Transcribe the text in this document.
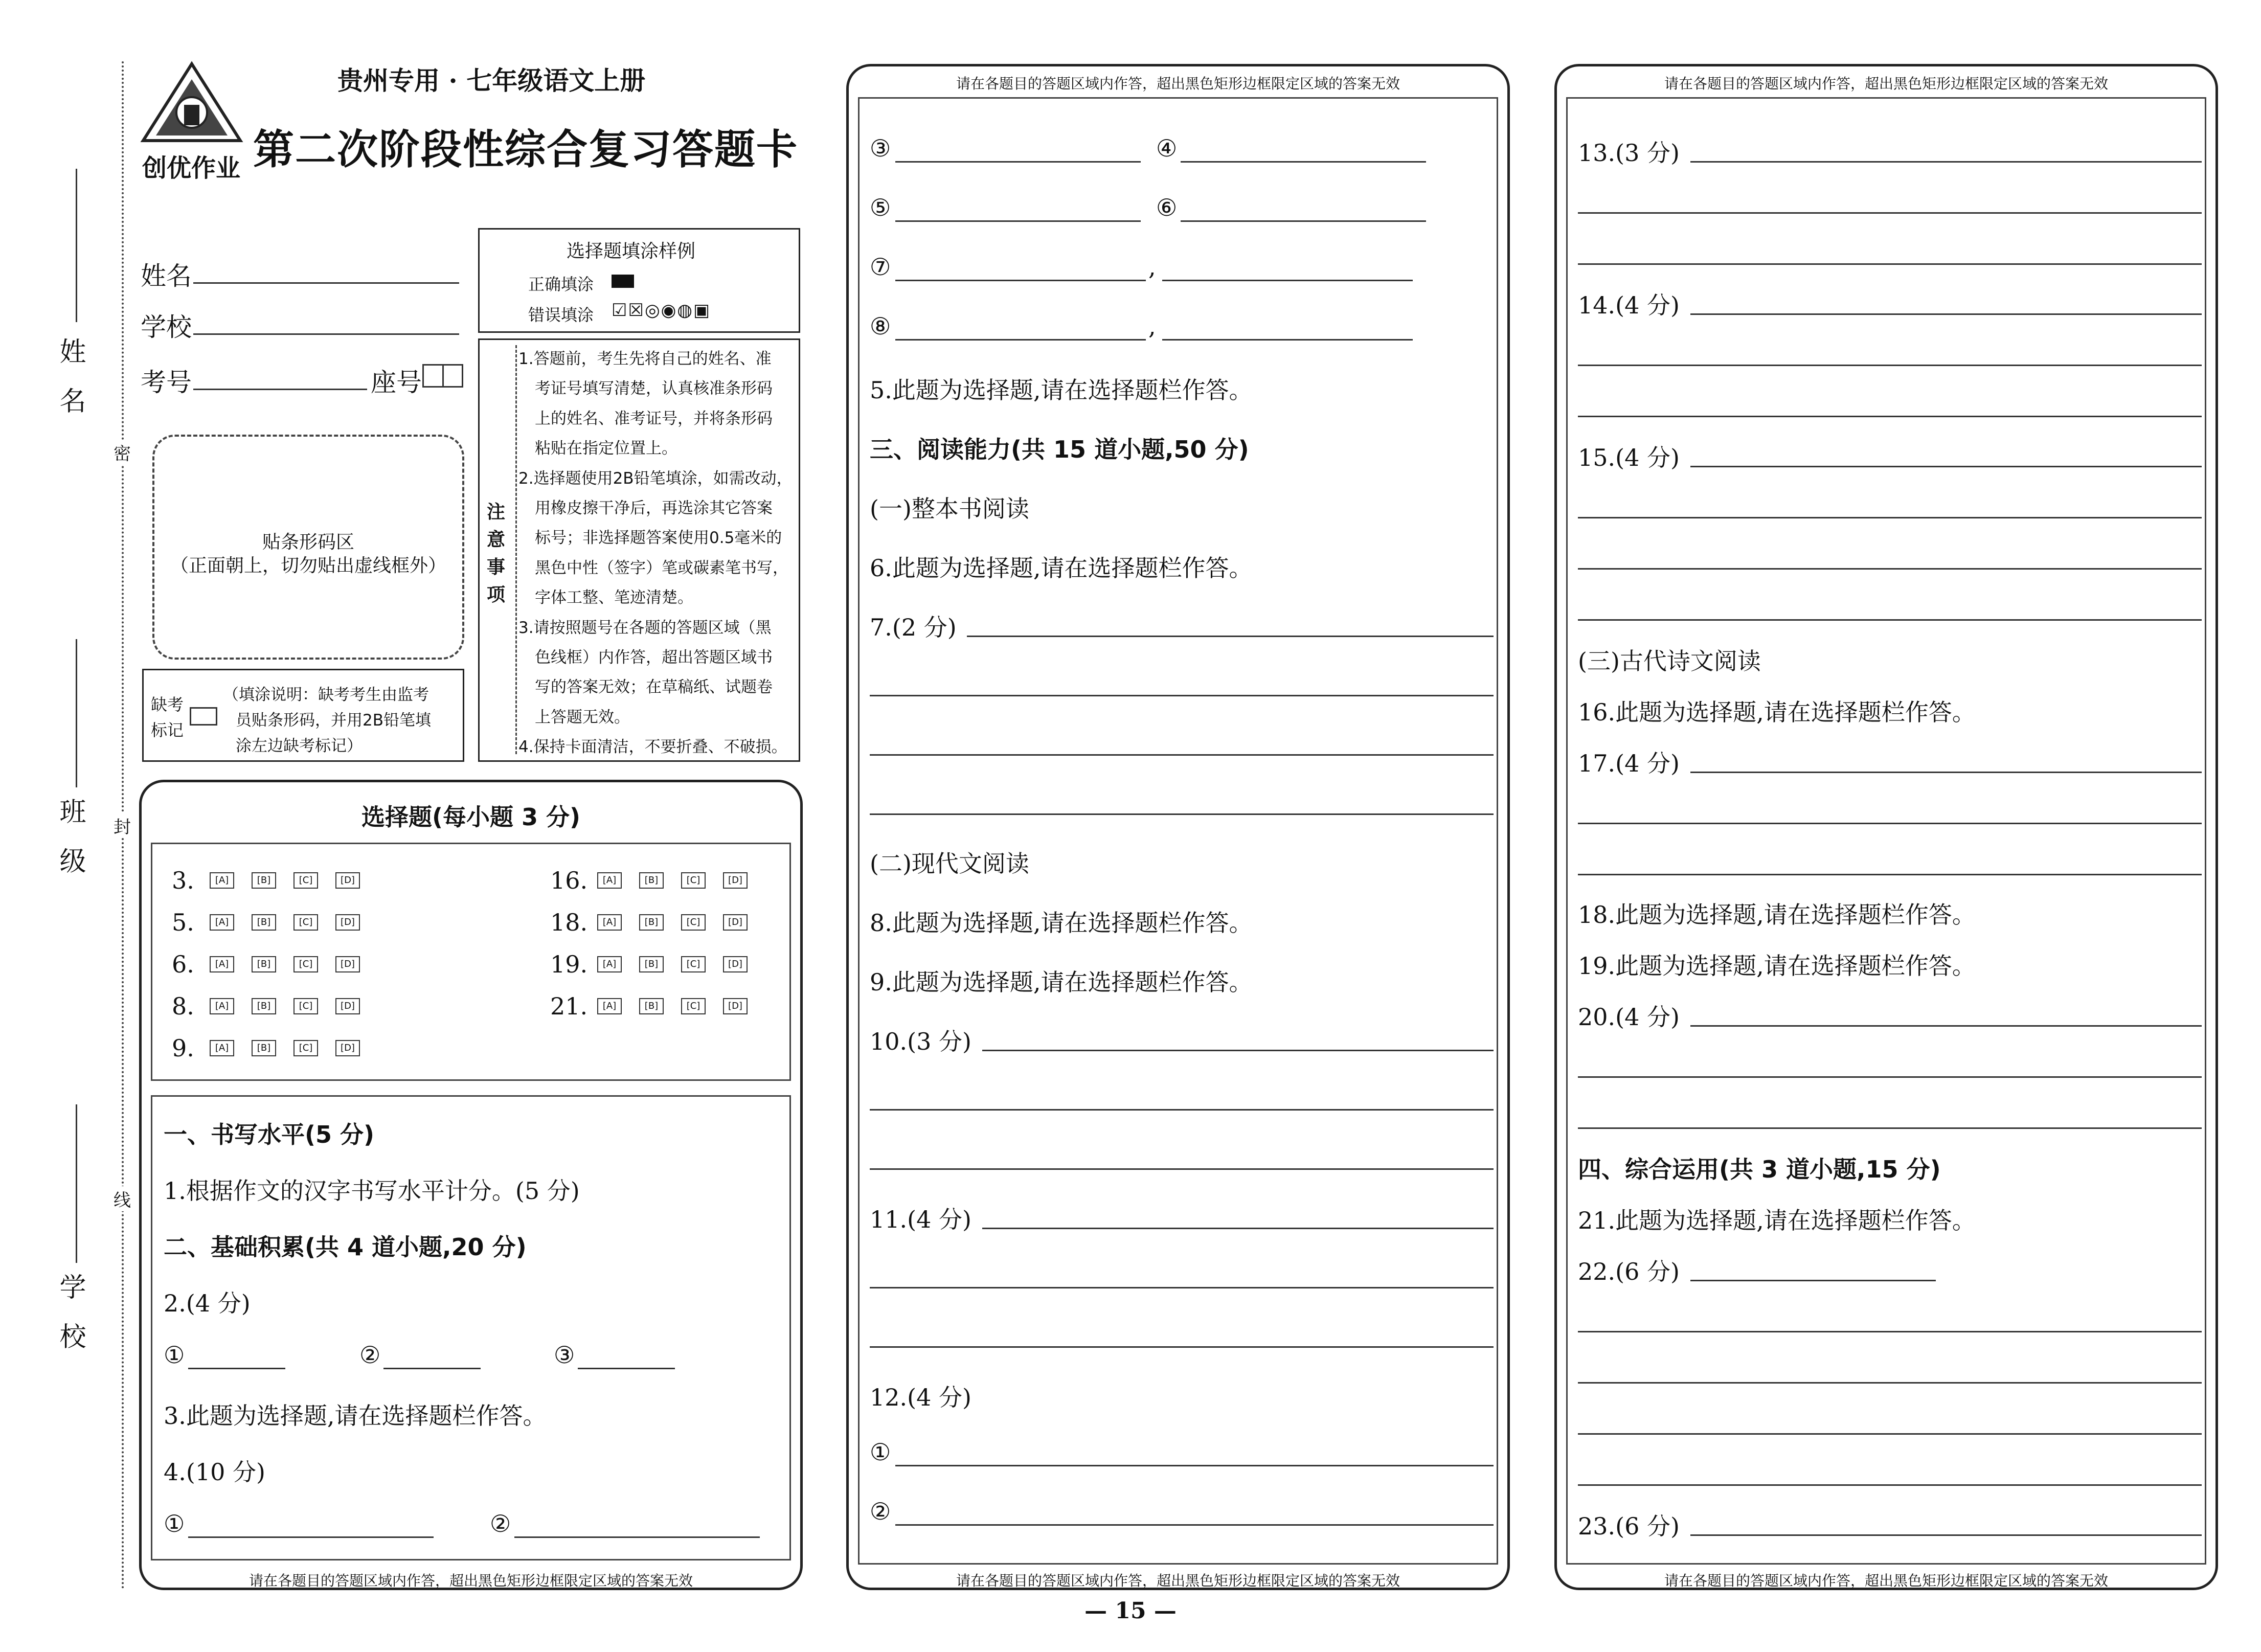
姓 名
班 级
学 校
密
封
线
创优作业
贵州专用 · 七年级语文上册
第二次阶段性综合复习答题卡
姓名
学校
考号	座号
选择题填涂样例
正确填涂
错误填涂 ☑☒◎◉◍▣
贴条形码区
（正面朝上，切勿贴出虚线框外）
缺考
标记
（填涂说明：缺考考生由监考
员贴条形码，并用2B铅笔填
涂左边缺考标记）
注意事项
1.答题前，考生先将自己的姓名、准
考证号填写清楚，认真核准条形码
上的姓名、准考证号，并将条形码
粘贴在指定位置上。
2.选择题使用2B铅笔填涂，如需改动，
用橡皮擦干净后，再选涂其它答案
标号；非选择题答案使用0.5毫米的
黑色中性（签字）笔或碳素笔书写，
字体工整、笔迹清楚。
3.请按照题号在各题的答题区域（黑
色线框）内作答，超出答题区域书
写的答案无效；在草稿纸、试题卷
上答题无效。
4.保持卡面清洁，不要折叠、不破损。
选择题(每小题 3 分)
3.	[A]	[B]	[C]	[D]
5.	[A]	[B]	[C]	[D]
6.	[A]	[B]	[C]	[D]
8.	[A]	[B]	[C]	[D]
9.	[A]	[B]	[C]	[D]
16.	[A]	[B]	[C]	[D]
18.	[A]	[B]	[C]	[D]
19.	[A]	[B]	[C]	[D]
21.	[A]	[B]	[C]	[D]
一、书写水平(5 分)
1.根据作文的汉字书写水平计分。(5 分)
二、基础积累(共 4 道小题,20 分)
2.(4 分)
①	②	③
3.此题为选择题,请在选择题栏作答。
4.(10 分)
①	②
请在各题目的答题区域内作答，超出黑色矩形边框限定区域的答案无效
请在各题目的答题区域内作答，超出黑色矩形边框限定区域的答案无效
③	④
⑤	⑥
⑦	,
⑧	,
5.此题为选择题,请在选择题栏作答。
三、阅读能力(共 15 道小题,50 分)
(一)整本书阅读
6.此题为选择题,请在选择题栏作答。
7.(2 分)
(二)现代文阅读
8.此题为选择题,请在选择题栏作答。
9.此题为选择题,请在选择题栏作答。
10.(3 分)
11.(4 分)
12.(4 分)
①
②
请在各题目的答题区域内作答，超出黑色矩形边框限定区域的答案无效
请在各题目的答题区域内作答，超出黑色矩形边框限定区域的答案无效
13.(3 分)
14.(4 分)
15.(4 分)
(三)古代诗文阅读
16.此题为选择题,请在选择题栏作答。
17.(4 分)
18.此题为选择题,请在选择题栏作答。
19.此题为选择题,请在选择题栏作答。
20.(4 分)
四、综合运用(共 3 道小题,15 分)
21.此题为选择题,请在选择题栏作答。
22.(6 分)
23.(6 分)
请在各题目的答题区域内作答，超出黑色矩形边框限定区域的答案无效
— 15 —
